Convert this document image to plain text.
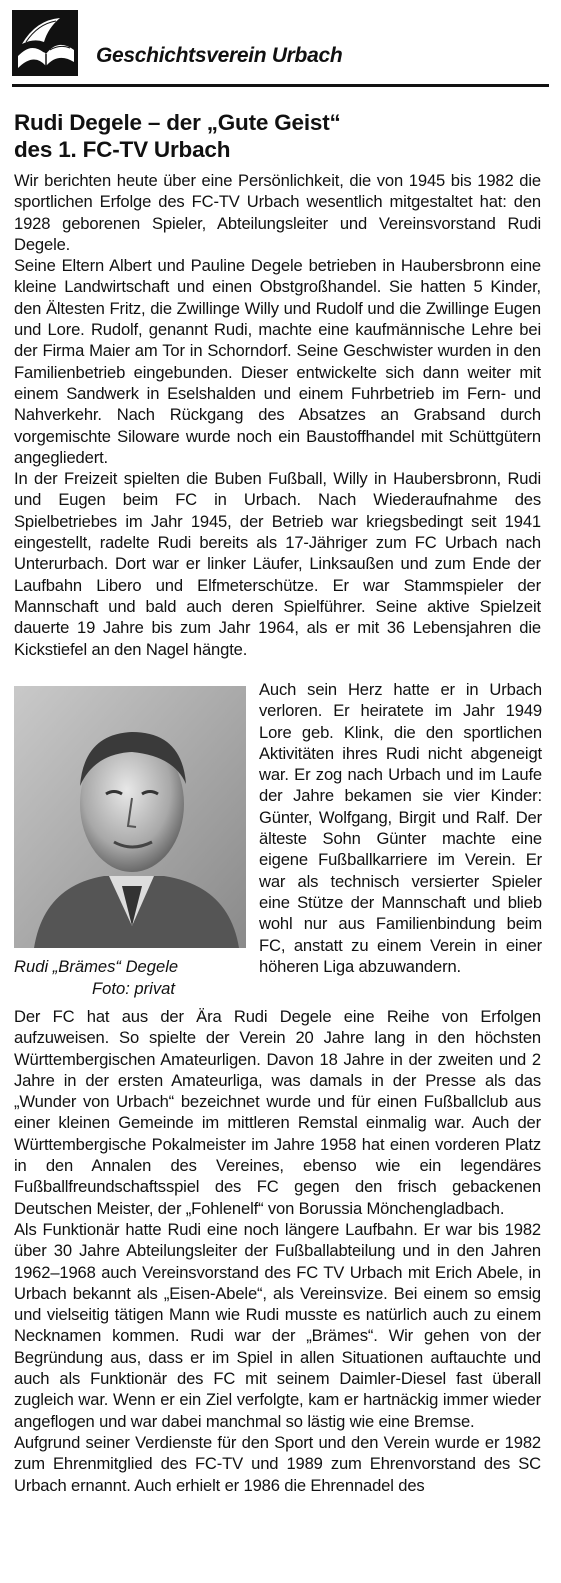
Geschichtsverein Urbach
Rudi Degele – der „Gute Geist“
des 1. FC-TV Urbach

Wir berichten heute über eine Persönlichkeit, die von 1945 bis 1982 die sportlichen Erfolge des FC-TV Urbach wesentlich mitgestaltet hat: den 1928 geborenen Spieler, Abteilungsleiter und Vereinsvorstand Rudi Degele.

Seine Eltern Albert und Pauline Degele betrieben in Haubersbronn eine kleine Landwirtschaft und einen Obstgroßhandel. Sie hatten 5 Kinder, den Ältesten Fritz, die Zwillinge Willy und Rudolf und die Zwillinge Eugen und Lore. Rudolf, genannt Rudi, machte eine kaufmännische Lehre bei der Firma Maier am Tor in Schorndorf. Seine Geschwister wurden in den Familienbetrieb eingebunden. Dieser entwickelte sich dann weiter mit einem Sandwerk in Eselshalden und einem Fuhrbetrieb im Fern- und Nahverkehr. Nach Rückgang des Absatzes an Grabsand durch vorgemischte Siloware wurde noch ein Baustoffhandel mit Schüttgütern angegliedert.

In der Freizeit spielten die Buben Fußball, Willy in Haubersbronn, Rudi und Eugen beim FC in Urbach. Nach Wiederaufnahme des Spielbetriebes im Jahr 1945, der Betrieb war kriegsbedingt seit 1941 eingestellt, radelte Rudi bereits als 17-Jähriger zum FC Urbach nach Unterurbach. Dort war er linker Läufer, Linksaußen und zum Ende der Laufbahn Libero und Elfmeterschütze. Er war Stammspieler der Mannschaft und bald auch deren Spielführer. Seine aktive Spielzeit dauerte 19 Jahre bis zum Jahr 1964, als er mit 36 Lebensjahren die Kickstiefel an den Nagel hängte.

Rudi „Brämes“ Degele
Foto: privat

Auch sein Herz hatte er in Urbach verloren. Er heiratete im Jahr 1949 Lore geb. Klink, die den sportlichen Aktivitäten ihres Rudi nicht abgeneigt war. Er zog nach Urbach und im Laufe der Jahre bekamen sie vier Kinder: Günter, Wolfgang, Birgit und Ralf. Der älteste Sohn Günter machte eine eigene Fußballkarriere im Verein. Er war als technisch versierter Spieler eine Stütze der Mannschaft und blieb wohl nur aus Familienbindung beim FC, anstatt zu einem Verein in einer höheren Liga abzuwandern.

Der FC hat aus der Ära Rudi Degele eine Reihe von Erfolgen aufzuweisen. So spielte der Verein 20 Jahre lang in den höchsten Württembergischen Amateurligen. Davon 18 Jahre in der zweiten und 2 Jahre in der ersten Amateurliga, was damals in der Presse als das „Wunder von Urbach“ bezeichnet wurde und für einen Fußballclub aus einer kleinen Gemeinde im mittleren Remstal einmalig war. Auch der Württembergische Pokalmeister im Jahre 1958 hat einen vorderen Platz in den Annalen des Vereines, ebenso wie ein legendäres Fußballfreundschaftsspiel des FC gegen den frisch gebackenen Deutschen Meister, der „Fohlenelf“ von Borussia Mönchengladbach.

Als Funktionär hatte Rudi eine noch längere Laufbahn. Er war bis 1982 über 30 Jahre Abteilungsleiter der Fußballabteilung und in den Jahren 1962–1968 auch Vereinsvorstand des FC TV Urbach mit Erich Abele, in Urbach bekannt als „Eisen-Abele“, als Vereinsvize. Bei einem so emsig und vielseitig tätigen Mann wie Rudi musste es natürlich auch zu einem Necknamen kommen. Rudi war der „Brämes“. Wir gehen von der Begründung aus, dass er im Spiel in allen Situationen auftauchte und auch als Funktionär des FC mit seinem Daimler-Diesel fast überall zugleich war. Wenn er ein Ziel verfolgte, kam er hartnäckig immer wieder angeflogen und war dabei manchmal so lästig wie eine Bremse.

Aufgrund seiner Verdienste für den Sport und den Verein wurde er 1982 zum Ehrenmitglied des FC-TV und 1989 zum Ehrenvorstand des SC Urbach ernannt. Auch erhielt er 1986 die Ehrennadel des
